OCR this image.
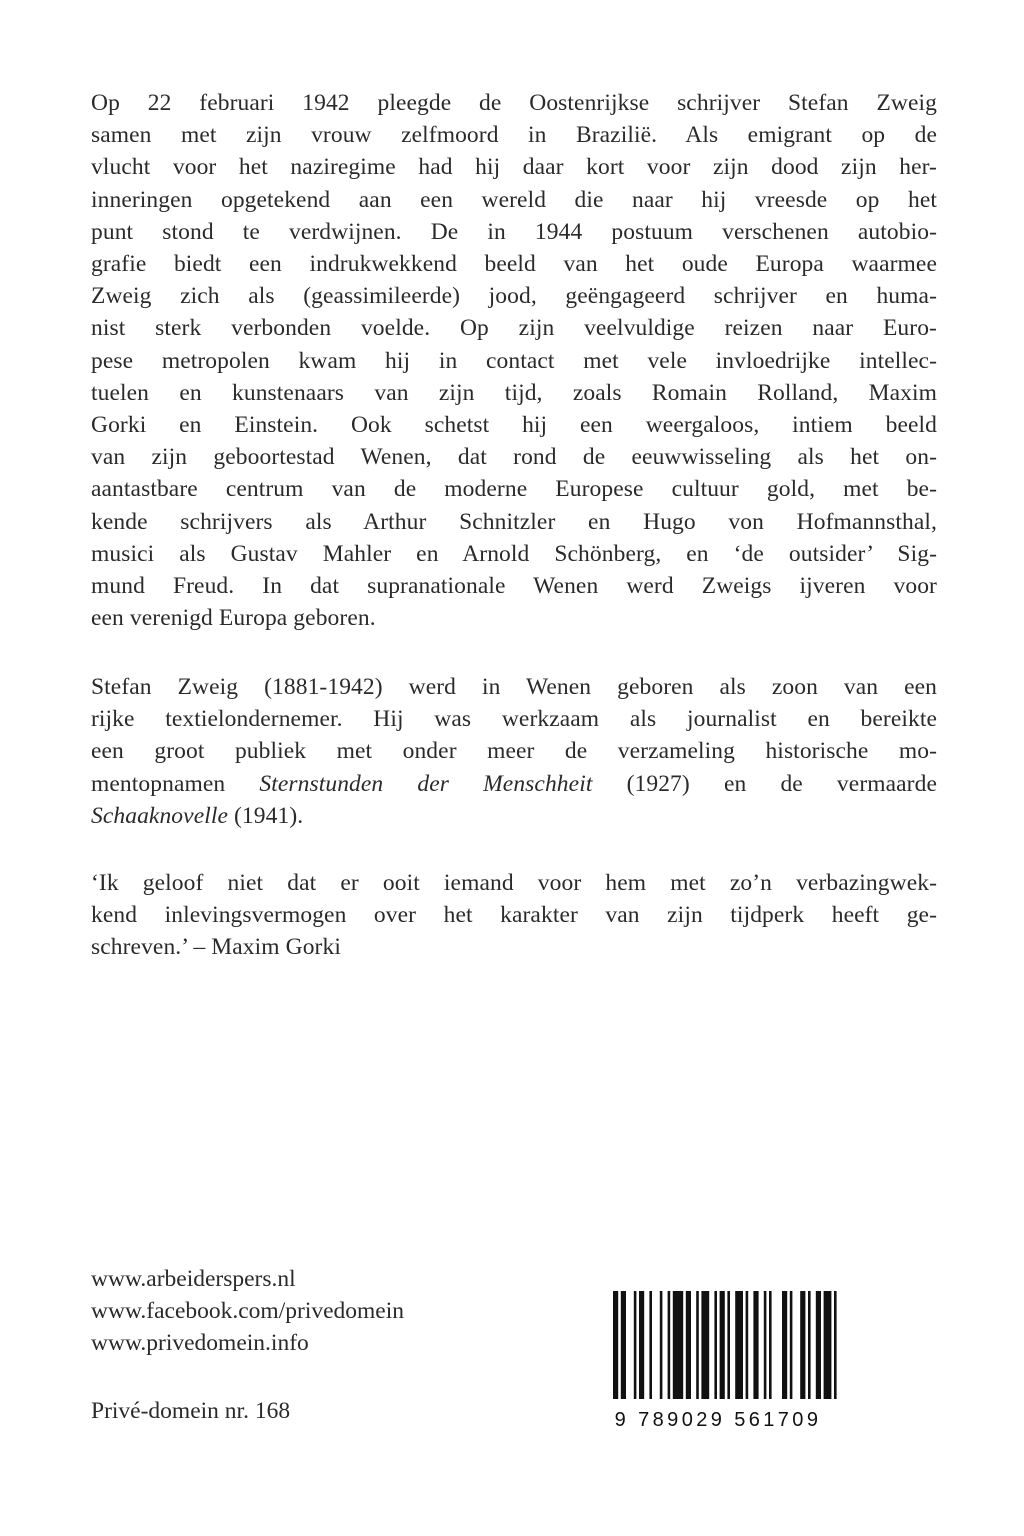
Op 22 februari 1942 pleegde de Oostenrijkse schrijver Stefan Zweig
samen met zijn vrouw zelfmoord in Brazilië. Als emigrant op de
vlucht voor het naziregime had hij daar kort voor zijn dood zijn her-
inneringen opgetekend aan een wereld die naar hij vreesde op het
punt stond te verdwijnen. De in 1944 postuum verschenen autobio-
grafie biedt een indrukwekkend beeld van het oude Europa waarmee
Zweig zich als (geassimileerde) jood, geëngageerd schrijver en huma-
nist sterk verbonden voelde. Op zijn veelvuldige reizen naar Euro-
pese metropolen kwam hij in contact met vele invloedrijke intellec-
tuelen en kunstenaars van zijn tijd, zoals Romain Rolland, Maxim
Gorki en Einstein. Ook schetst hij een weergaloos, intiem beeld
van zijn geboortestad Wenen, dat rond de eeuwwisseling als het on-
aantastbare centrum van de moderne Europese cultuur gold, met be-
kende schrijvers als Arthur Schnitzler en Hugo von Hofmannsthal,
musici als Gustav Mahler en Arnold Schönberg, en ‘de outsider’ Sig-
mund Freud. In dat supranationale Wenen werd Zweigs ijveren voor
een verenigd Europa geboren.
Stefan Zweig (1881-1942) werd in Wenen geboren als zoon van een
rijke textielondernemer. Hij was werkzaam als journalist en bereikte
een groot publiek met onder meer de verzameling historische mo-
mentopnamen Sternstunden der Menschheit (1927) en de vermaarde
Schaaknovelle (1941).
‘Ik geloof niet dat er ooit iemand voor hem met zo’n verbazingwek-
kend inlevingsvermogen over het karakter van zijn tijdperk heeft ge-
schreven.’ – Maxim Gorki
www.arbeiderspers.nl
www.facebook.com/privedomein
www.privedomein.info
Privé-domein nr. 168	9 789029 561709
